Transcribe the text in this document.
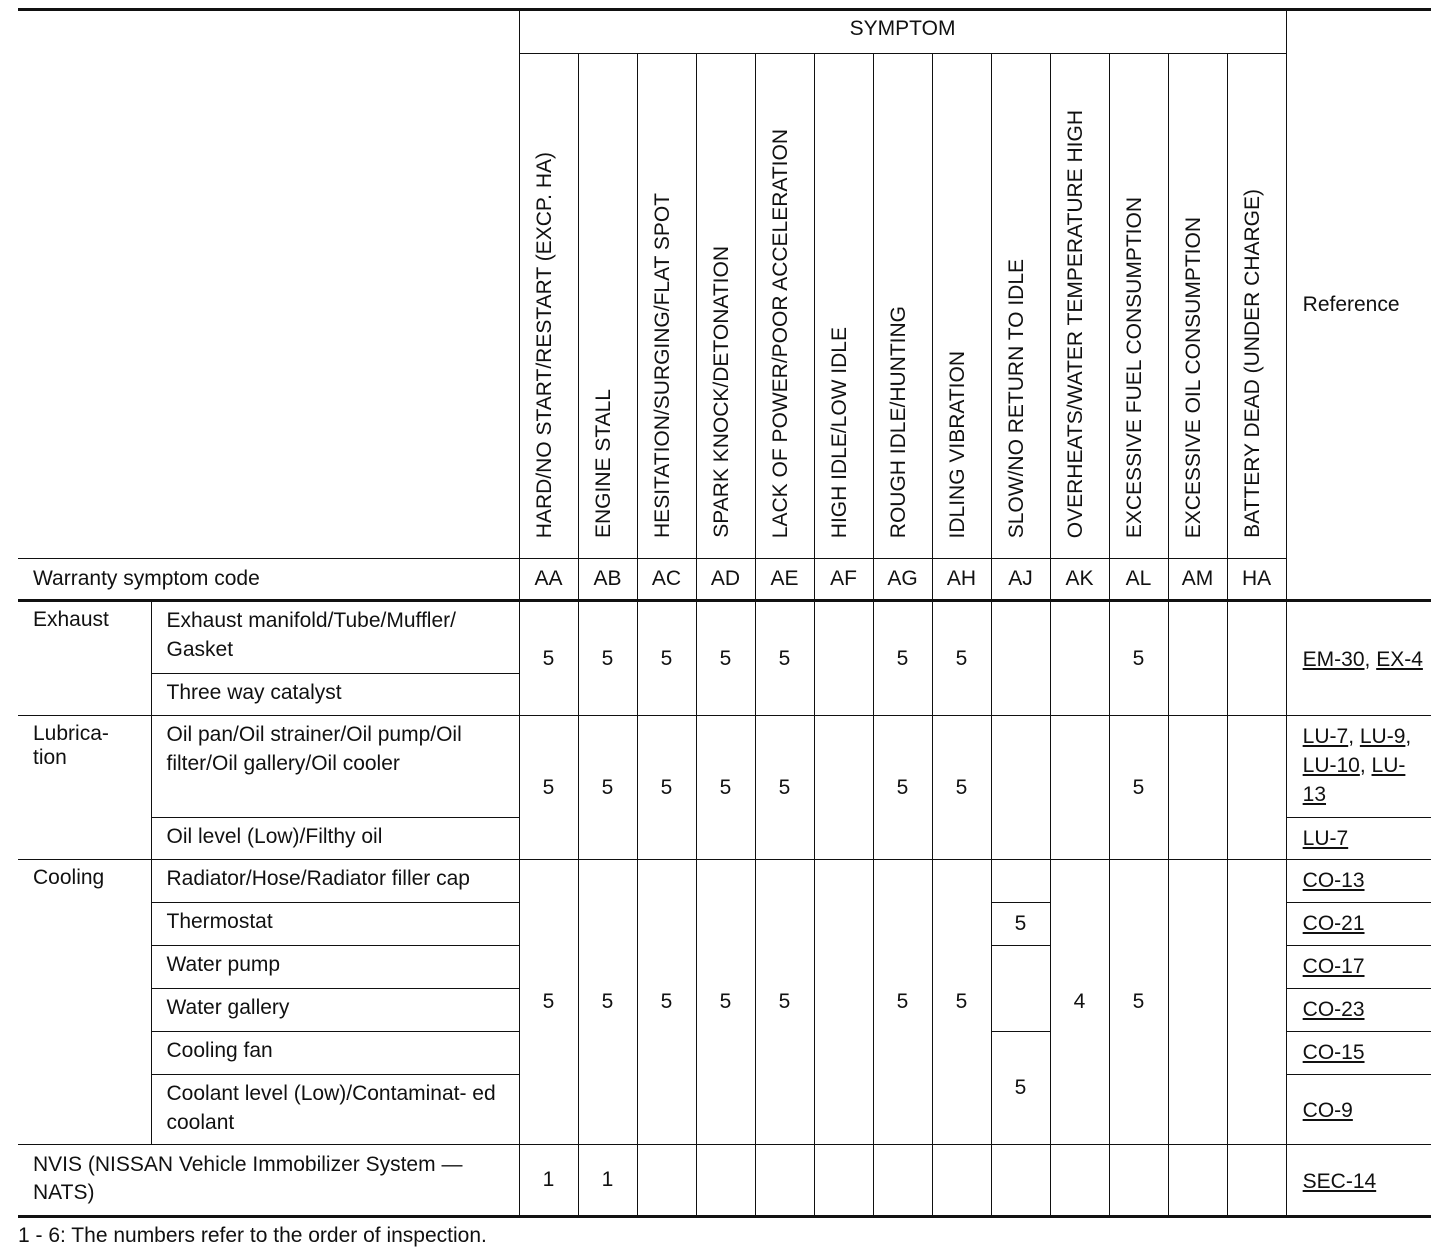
		SYMPTOM													Reference
		HARD/NO START/RESTART (EXCP. HA)	ENGINE STALL	HESITATION/SURGING/FLAT SPOT	SPARK KNOCK/DETONATION	LACK OF POWER/POOR ACCELERATION	HIGH IDLE/LOW IDLE	ROUGH IDLE/HUNTING	IDLING VIBRATION	SLOW/NO RETURN TO IDLE	OVERHEATS/WATER TEMPERATURE HIGH	EXCESSIVE FUEL CONSUMPTION	EXCESSIVE OIL CONSUMPTION	BATTERY DEAD (UNDER CHARGE)	
Warranty symptom code		AA	AB	AC	AD	AE	AF	AG	AH	AJ	AK	AL	AM	HA	
Exhaust	Exhaust manifold/Tube/Muffler/ Gasket	5	5	5	5	5		5	5			5			EM-30, EX-4
	Three way catalyst														
Lubrica- tion	Oil pan/Oil strainer/Oil pump/Oil filter/Oil gallery/Oil cooler	5	5	5	5	5		5	5			5			LU-7, LU-9, LU-10, LU-13
	Oil level (Low)/Filthy oil														LU-7
Cooling	Radiator/Hose/Radiator filler cap	5	5	5	5	5		5	5		4	5			CO-13
	Thermostat									5					CO-21
	Water pump														CO-17
	Water gallery														CO-23
	Cooling fan									5					CO-15
	Coolant level (Low)/Contaminat- ed coolant														CO-9
NVIS (NISSAN Vehicle Immobilizer System — NATS)		1	1												SEC-14
1 - 6: The numbers refer to the order of inspection.
